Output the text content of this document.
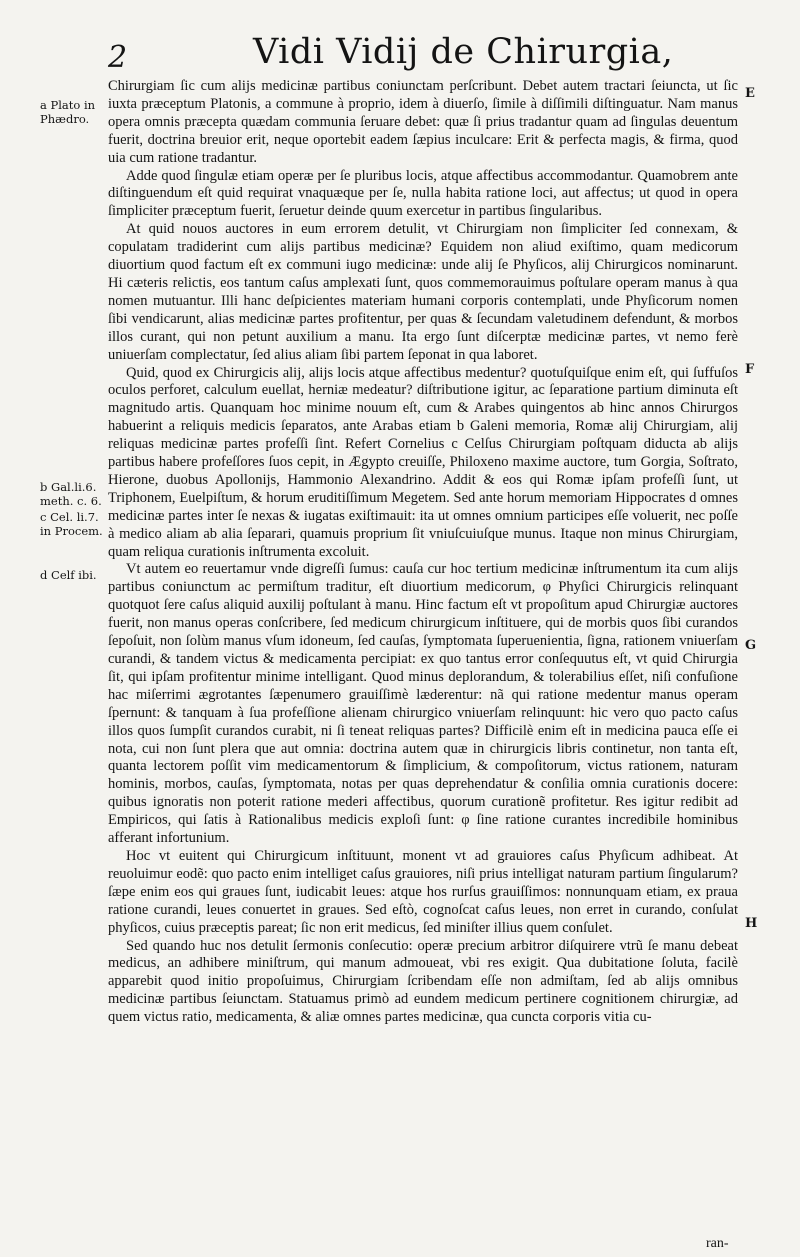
2	Vidi Vidij de Chirurgia,
a Plato in Phædro.
b Gal.li.6. meth. c. 6.
c Cel. li.7. in Procem.
d Celf ibi.
E
F
G
H

Chirurgiam ſic cum alijs medicinæ partibus coniunctam perſcribunt. Debet autem tractari ſeiuncta, ut ſic iuxta præceptum Platonis, a commune à proprio, idem à diuerſo, ſimile à diſſimili diſtinguatur. Nam manus opera omnis præcepta quædam communia ſeruare debet: quæ ſi prius tradantur quam ad ſingulas deuentum fuerit, doctrina breuior erit, neque oportebit eadem ſæpius inculcare: Erit & perfecta magis, & firma, quod uia cum ratione tradantur.

Adde quod ſingulæ etiam operæ per ſe pluribus locis, atque affectibus accommodantur. Quamobrem ante diſtinguendum eſt quid requirat vnaquæque per ſe, nulla habita ratione loci, aut affectus; ut quod in opera ſimpliciter præceptum fuerit, ſeruetur deinde quum exercetur in partibus ſingularibus.

At quid nouos auctores in eum errorem detulit, vt Chirurgiam non ſimpliciter ſed connexam, & copulatam tradiderint cum alijs partibus medicinæ? Equidem non aliud exiſtimo, quam medicorum diuortium quod factum eſt ex communi iugo medicinæ: unde alij ſe Phyſicos, alij Chirurgicos nominarunt. Hi cæteris relictis, eos tantum caſus amplexati ſunt, quos commemorauimus poſtulare operam manus à qua nomen mutuantur. Illi hanc deſpicientes materiam humani corporis contemplati, unde Phyſicorum nomen ſibi vendicarunt, alias medicinæ partes profitentur, per quas & ſecundam valetudinem defendunt, & morbos illos curant, qui non petunt auxilium a manu. Ita ergo ſunt diſcerptæ medicinæ partes, vt nemo ferè uniuerſam complectatur, ſed alius aliam ſibi partem ſeponat in qua laboret.

Quid, quod ex Chirurgicis alij, alijs locis atque affectibus medentur? quotuſquiſque enim eſt, qui ſuffuſos oculos perforet, calculum euellat, herniæ medeatur? diſtributione igitur, ac ſeparatione partium diminuta eſt magnitudo artis. Quanquam hoc minime nouum eſt, cum & Arabes quingentos ab hinc annos Chirurgos habuerint a reliquis medicis ſeparatos, ante Arabas etiam b Galeni memoria, Romæ alij Chirurgiam, alij reliquas medicinæ partes profeſſi ſint. Refert Cornelius c Celſus Chirurgiam poſtquam diducta ab alijs partibus habere profeſſores ſuos cepit, in Ægypto creuiſſe, Philoxeno maxime auctore, tum Gorgia, Soſtrato, Hierone, duobus Apollonijs, Hammonio Alexandrino. Addit & eos qui Romæ ipſam profeſſi ſunt, ut Triphonem, Euelpiſtum, & horum eruditiſſimum Megetem. Sed ante horum memoriam Hippocrates d omnes medicinæ partes inter ſe nexas & iugatas exiſtimauit: ita ut omnes omnium participes eſſe voluerit, nec poſſe à medico aliam ab alia ſeparari, quamuis proprium ſit vniuſcuiuſque munus. Itaque non minus Chirurgiam, quam reliqua curationis inſtrumenta excoluit.

Vt autem eo reuertamur vnde digreſſi ſumus: cauſa cur hoc tertium medicinæ inſtrumentum ita cum alijs partibus coniunctum ac permiſtum traditur, eſt diuortium medicorum, φ Phyſici Chirurgicis relinquant quotquot ſere caſus aliquid auxilij poſtulant à manu. Hinc factum eſt vt propoſitum apud Chirurgiæ auctores fuerit, non manus operas conſcribere, ſed medicum chirurgicum inſtituere, qui de morbis quos ſibi curandos ſepoſuit, non ſolùm manus vſum idoneum, ſed cauſas, ſymptomata ſuperuenientia, ſigna, rationem vniuerſam curandi, & tandem victus & medicamenta percipiat: ex quo tantus error conſequutus eſt, vt quid Chirurgia ſit, qui ipſam profitentur minime intelligant. Quod minus deplorandum, & tolerabilius eſſet, niſi confuſione hac miſerrimi ægrotantes ſæpenumero grauiſſimè læderentur: nã qui ratione medentur manus operam ſpernunt: & tanquam à ſua profeſſione alienam chirurgico vniuerſam relinquunt: hic vero quo pacto caſus illos quos ſumpſit curandos curabit, ni ſi teneat reliquas partes? Difficilè enim eſt in medicina pauca eſſe ei nota, cui non ſunt plera que aut omnia: doctrina autem quæ in chirurgicis libris continetur, non tanta eſt, quanta lectorem poſſit vim medicamentorum & ſimplicium, & compoſitorum, victus rationem, naturam hominis, morbos, cauſas, ſymptomata, notas per quas deprehendatur & conſilia omnia curationis docere: quibus ignoratis non poterit ratione mederi affectibus, quorum curationẽ profitetur. Res igitur redibit ad Empiricos, qui ſatis à Rationalibus medicis exploſi ſunt: φ ſine ratione curantes incredibile hominibus afferant infortunium.

Hoc vt euitent qui Chirurgicum inſtituunt, monent vt ad grauiores caſus Phyſicum adhibeat. At reuoluimur eodẽ: quo pacto enim intelliget caſus grauiores, niſi prius intelligat naturam partium ſingularum? ſæpe enim eos qui graues ſunt, iudicabit leues: atque hos rurſus grauiſſimos: nonnunquam etiam, ex praua ratione curandi, leues conuertet in graues. Sed eſtò, cognoſcat caſus leues, non erret in curando, conſulat phyſicos, cuius præceptis pareat; ſic non erit medicus, ſed miniſter illius quem conſulet.

Sed quando huc nos detulit ſermonis conſecutio: operæ precium arbitror diſquirere vtrũ ſe manu debeat medicus, an adhibere miniſtrum, qui manum admoueat, vbi res exigit. Qua dubitatione ſoluta, facilè apparebit quod initio propoſuimus, Chirurgiam ſcribendam eſſe non admiſtam, ſed ab alijs omnibus medicinæ partibus ſeiunctam. Statuamus primò ad eundem medicum pertinere cognitionem chirurgiæ, ad quem victus ratio, medicamenta, & aliæ omnes partes medicinæ, qua cuncta corporis vitia cu-

ran-
